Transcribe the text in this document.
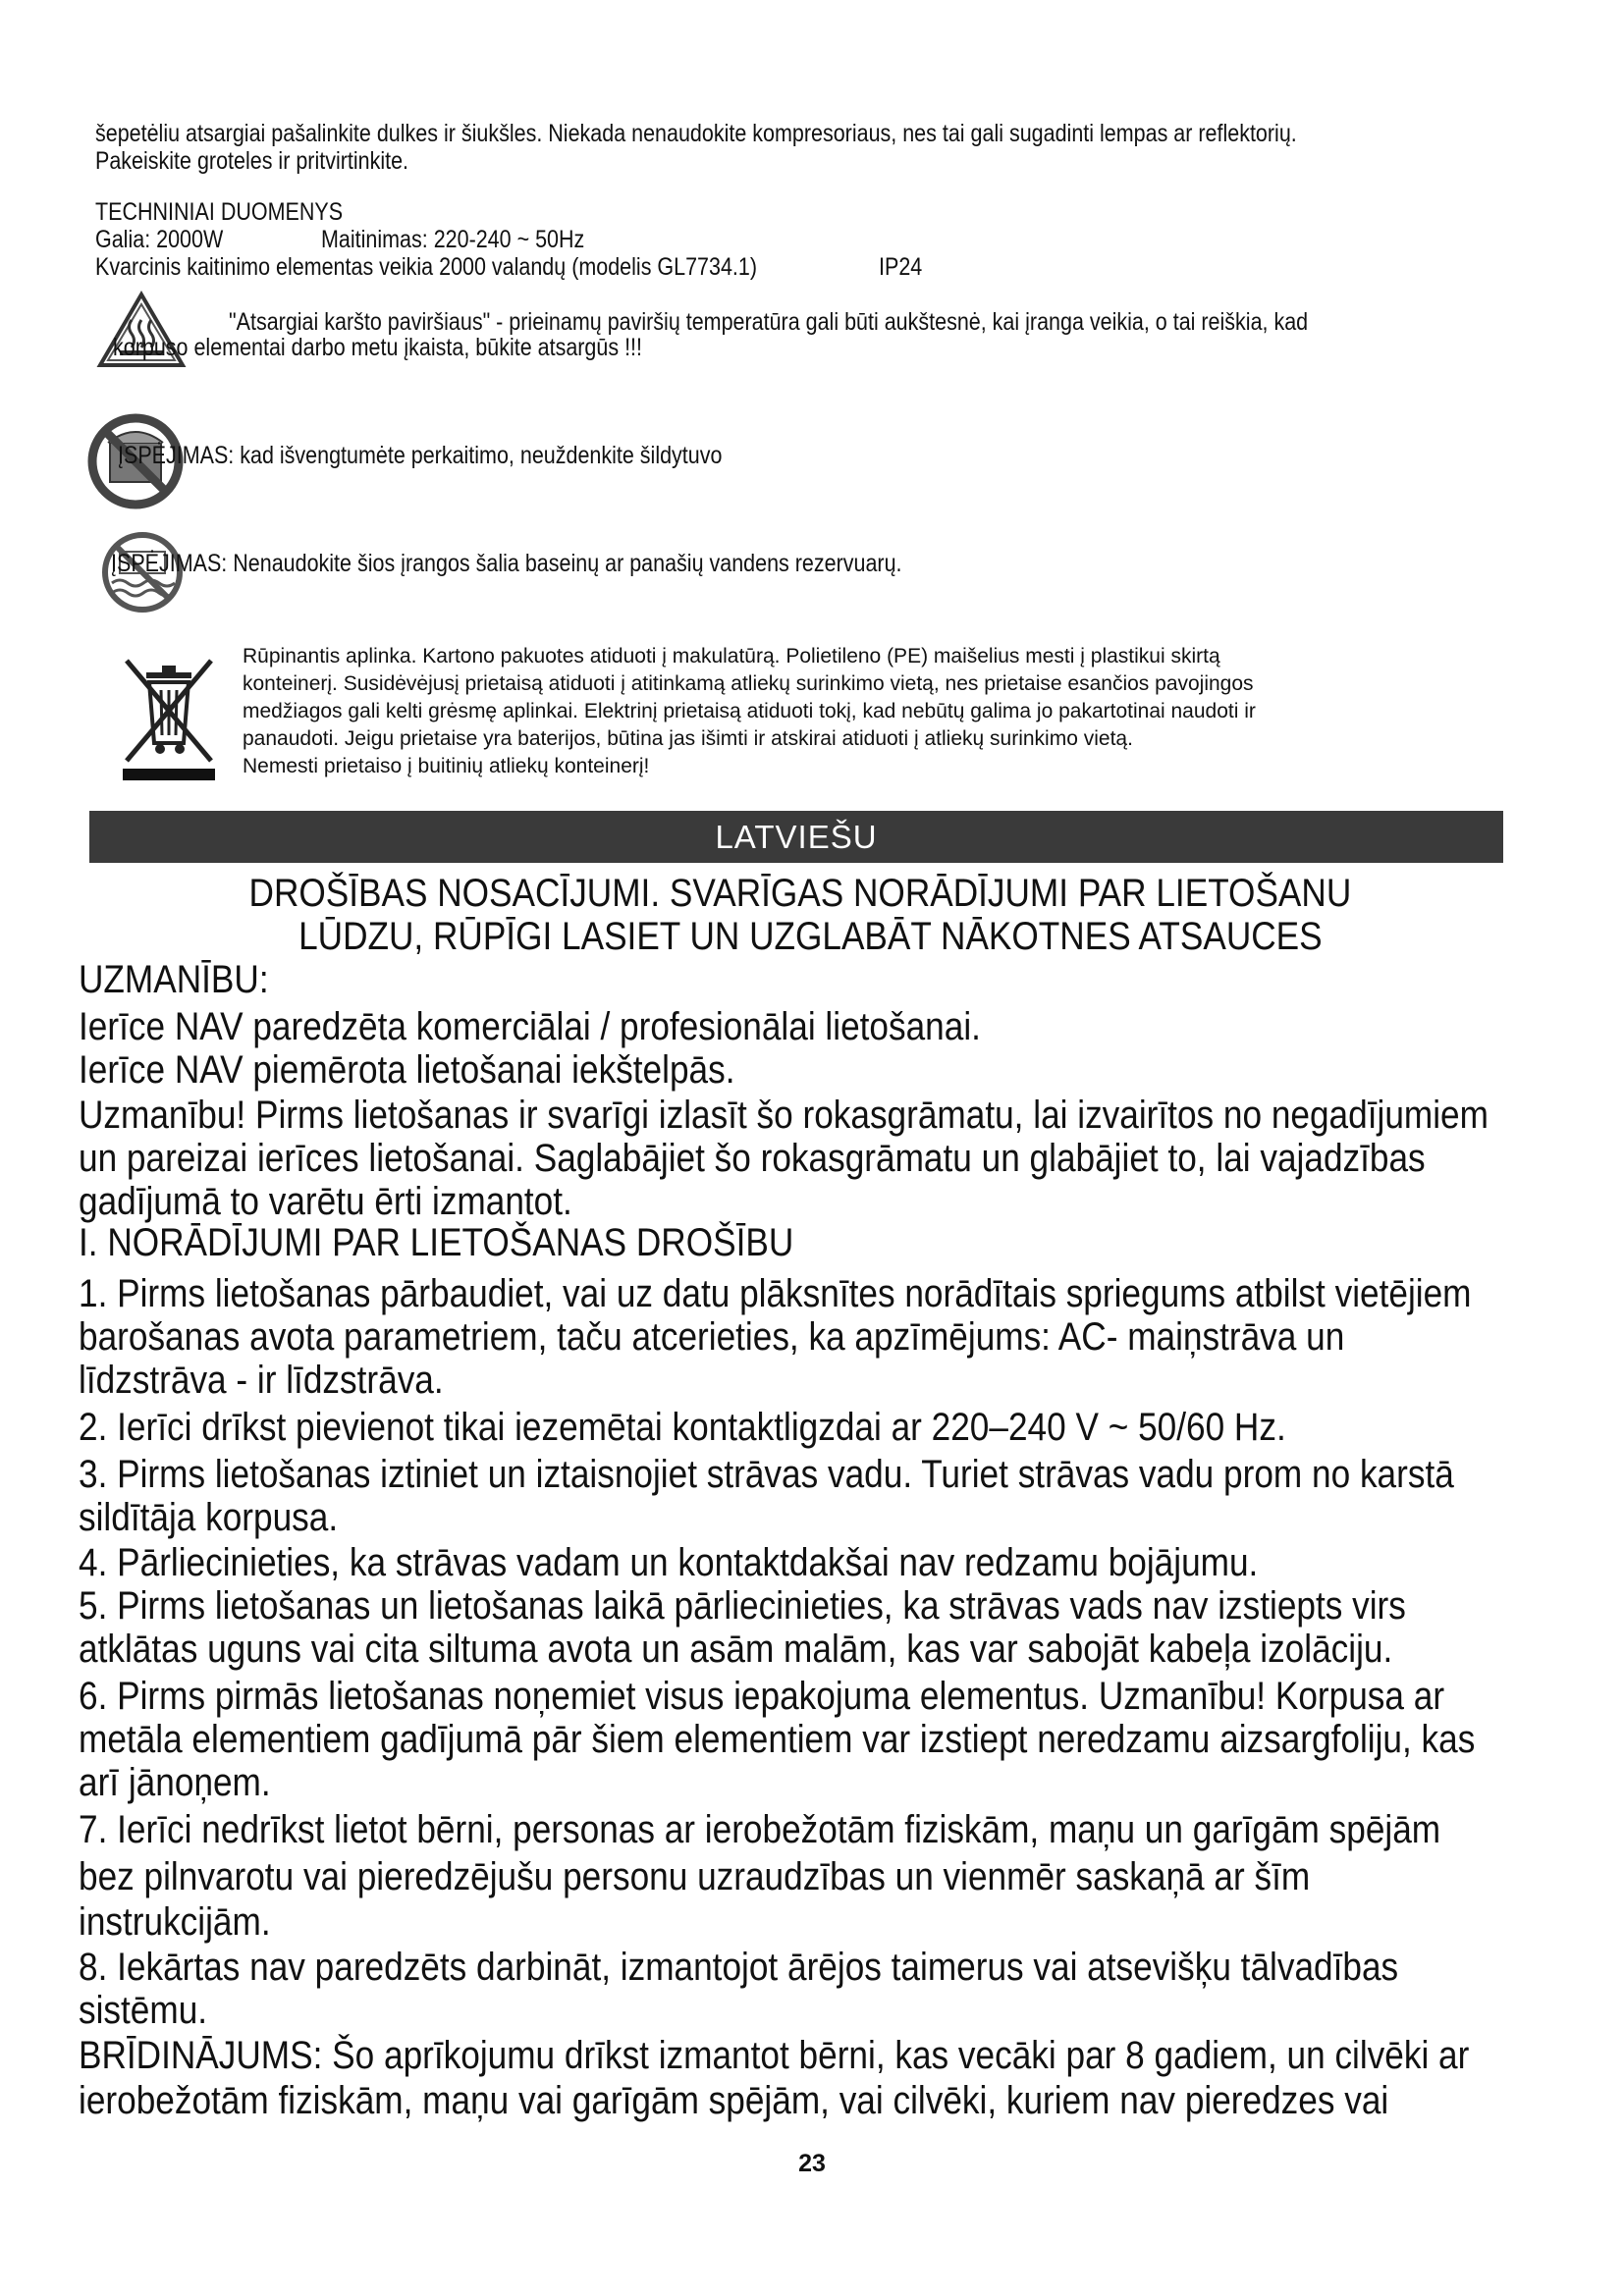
šepetėliu atsargiai pašalinkite dulkes ir šiukšles. Niekada nenaudokite kompresoriaus, nes tai gali sugadinti lempas ar reflektorių.
Pakeiskite groteles ir pritvirtinkite.
TECHNINIAI DUOMENYS
Galia: 2000W	Maitinimas: 220-240 ~ 50Hz
Kvarcinis kaitinimo elementas veikia 2000 valandų (modelis GL7734.1)	IP24
"Atsargiai karšto paviršiaus" - prieinamų paviršių temperatūra gali būti aukštesnė, kai įranga veikia, o tai reiškia, kad
korpuso elementai darbo metu įkaista, būkite atsargūs !!!
ĮSPĖJIMAS: kad išvengtumėte perkaitimo, neuždenkite šildytuvo
ĮSPĖJIMAS: Nenaudokite šios įrangos šalia baseinų ar panašių vandens rezervuarų.
Rūpinantis aplinka. Kartono pakuotes atiduoti į makulatūrą. Polietileno (PE) maišelius mesti į plastikui skirtą
konteinerį. Susidėvėjusį prietaisą atiduoti į atitinkamą atliekų surinkimo vietą, nes prietaise esančios pavojingos
medžiagos gali kelti grėsmę aplinkai. Elektrinį prietaisą atiduoti tokį, kad nebūtų galima jo pakartotinai naudoti ir
panaudoti. Jeigu prietaise yra baterijos, būtina jas išimti ir atskirai atiduoti į atliekų surinkimo vietą.
Nemesti prietaiso į buitinių atliekų konteinerį!
LATVIEŠU
DROŠĪBAS NOSACĪJUMI. SVARĪGAS NORĀDĪJUMI PAR LIETOŠANU
LŪDZU, RŪPĪGI LASIET UN UZGLABĀT NĀKOTNES ATSAUCES
UZMANĪBU:
Ierīce NAV paredzēta komerciālai / profesionālai lietošanai.
Ierīce NAV piemērota lietošanai iekštelpās.
Uzmanību! Pirms lietošanas ir svarīgi izlasīt šo rokasgrāmatu, lai izvairītos no negadījumiem
un pareizai ierīces lietošanai. Saglabājiet šo rokasgrāmatu un glabājiet to, lai vajadzības
gadījumā to varētu ērti izmantot.
I. NORĀDĪJUMI PAR LIETOŠANAS DROŠĪBU
1. Pirms lietošanas pārbaudiet, vai uz datu plāksnītes norādītais spriegums atbilst vietējiem
barošanas avota parametriem, taču atcerieties, ka apzīmējums: AC- maiņstrāva un
līdzstrāva - ir līdzstrāva.
2. Ierīci drīkst pievienot tikai iezemētai kontaktligzdai ar 220–240 V ~ 50/60 Hz.
3. Pirms lietošanas iztiniet un iztaisnojiet strāvas vadu. Turiet strāvas vadu prom no karstā
sildītāja korpusa.
4. Pārliecinieties, ka strāvas vadam un kontaktdakšai nav redzamu bojājumu.
5. Pirms lietošanas un lietošanas laikā pārliecinieties, ka strāvas vads nav izstiepts virs
atklātas uguns vai cita siltuma avota un asām malām, kas var sabojāt kabeļa izolāciju.
6. Pirms pirmās lietošanas noņemiet visus iepakojuma elementus. Uzmanību! Korpusa ar
metāla elementiem gadījumā pār šiem elementiem var izstiept neredzamu aizsargfoliju, kas
arī jānoņem.
7. Ierīci nedrīkst lietot bērni, personas ar ierobežotām fiziskām, maņu un garīgām spējām
bez pilnvarotu vai pieredzējušu personu uzraudzības un vienmēr saskaņā ar šīm
instrukcijām.
8. Iekārtas nav paredzēts darbināt, izmantojot ārējos taimerus vai atsevišķu tālvadības
sistēmu.
BRĪDINĀJUMS: Šo aprīkojumu drīkst izmantot bērni, kas vecāki par 8 gadiem, un cilvēki ar
ierobežotām fiziskām, maņu vai garīgām spējām, vai cilvēki, kuriem nav pieredzes vai
23
